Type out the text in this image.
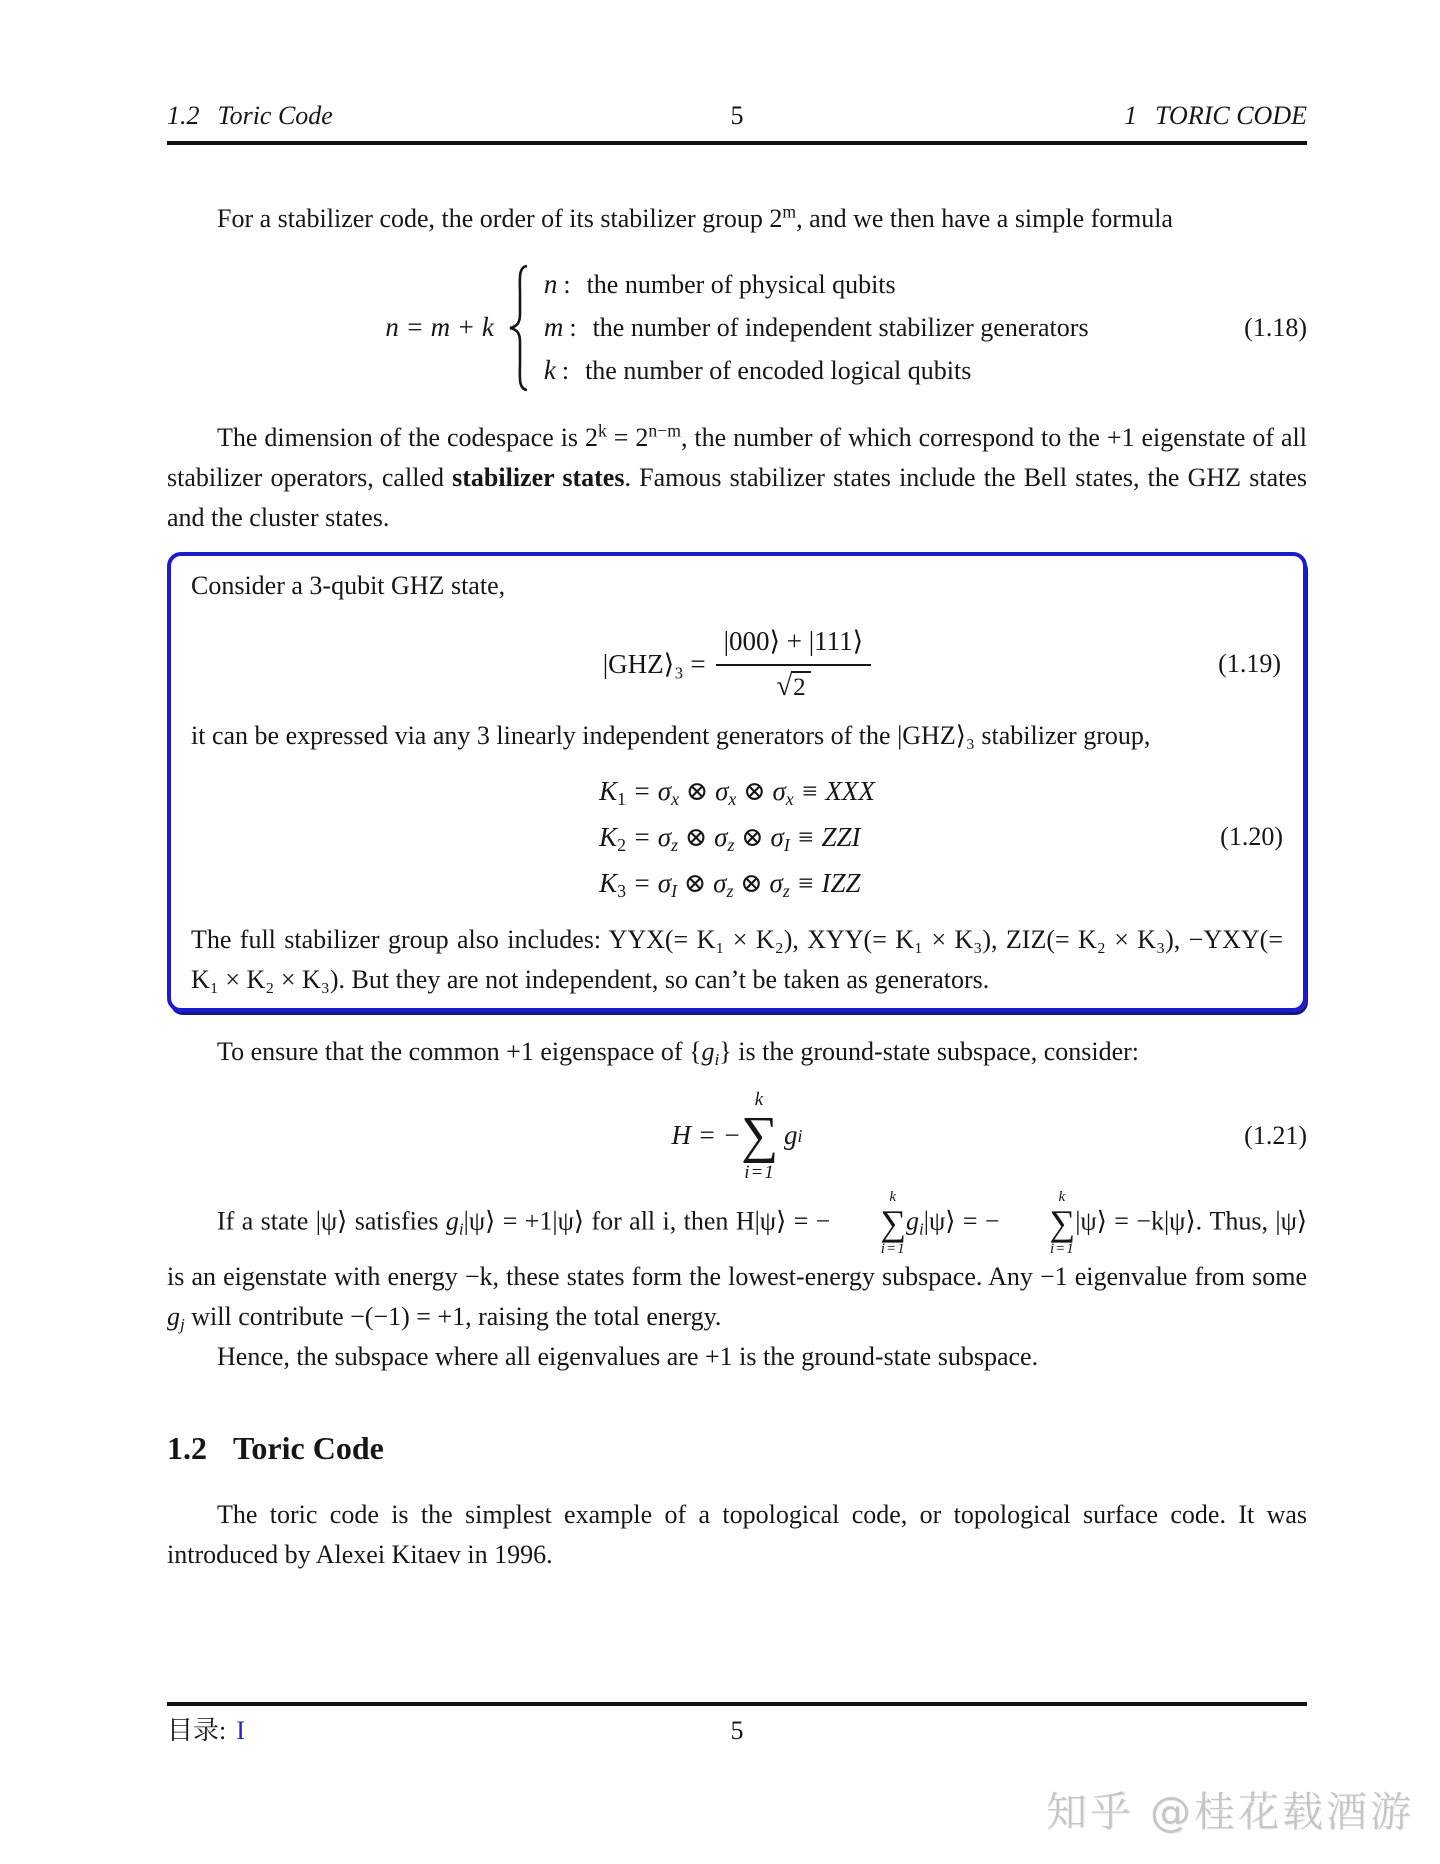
1.2 Toric Code	5	1 TORIC CODE

For a stabilizer code, the order of its stabilizer group 2$^m$, and we then have a simple formula

n = m + k
n : the number of physical qubits
m : the number of independent stabilizer generators
k : the number of encoded logical qubits
(1.18)

The dimension of the codespace is $2^k = 2^{n-m}$, the number of which correspond to the +1 eigenstate of all stabilizer operators, called stabilizer states. Famous stabilizer states include the Bell states, the GHZ states and the cluster states.

Consider a 3-qubit GHZ state,

|GHZ⟩₃ = $\frac{|000⟩ + |111⟩}{√ 2}$	(1.19)

it can be expressed via any 3 linearly independent generators of the |GHZ⟩₃ stabilizer group,

$K_1 = \sigma_x$ ⊗ $\sigma_x$ ⊗ $\sigma_x$ ≡ XXX
$K_2 = \sigma_z$ ⊗ $\sigma_z$ ⊗ $\sigma_I$ ≡ ZZI
$K_3 = \sigma_I$ ⊗ $\sigma_z$ ⊗ $\sigma_z$ ≡ IZZ
(1.20)

The full stabilizer group also includes: YYX(= K₁ × K₂), XYY(= K₁ × K₃), ZIZ(= K₂ × K₃), −YXY(= K₁ × K₂ × K₃). But they are not independent, so can’t be taken as generators.

To ensure that the common +1 eigenspace of $\{g_i\}$ is the ground-state subspace, consider:

H = −
k
∑
i=1
g i	(1.21)

If a state |ψ⟩ satisfies $g_i|\psi⟩$ = +1|ψ⟩ for all i, then H|ψ⟩ = −
k
∑
i=1
$g_i|\psi⟩$ = −
k
∑
i=1
|ψ⟩ = −k|ψ⟩. Thus, |ψ⟩ is an eigenstate with energy −k, these states form the lowest-energy subspace. Any −1 eigenvalue from some $g_j$ will contribute −(−1) = +1, raising the total energy.

Hence, the subspace where all eigenvalues are +1 is the ground-state subspace.

1.2 Toric Code

The toric code is the simplest example of a topological code, or topological surface code. It was introduced by Alexei Kitaev in 1996.

目录: I	5
知乎 @桂花载酒游
